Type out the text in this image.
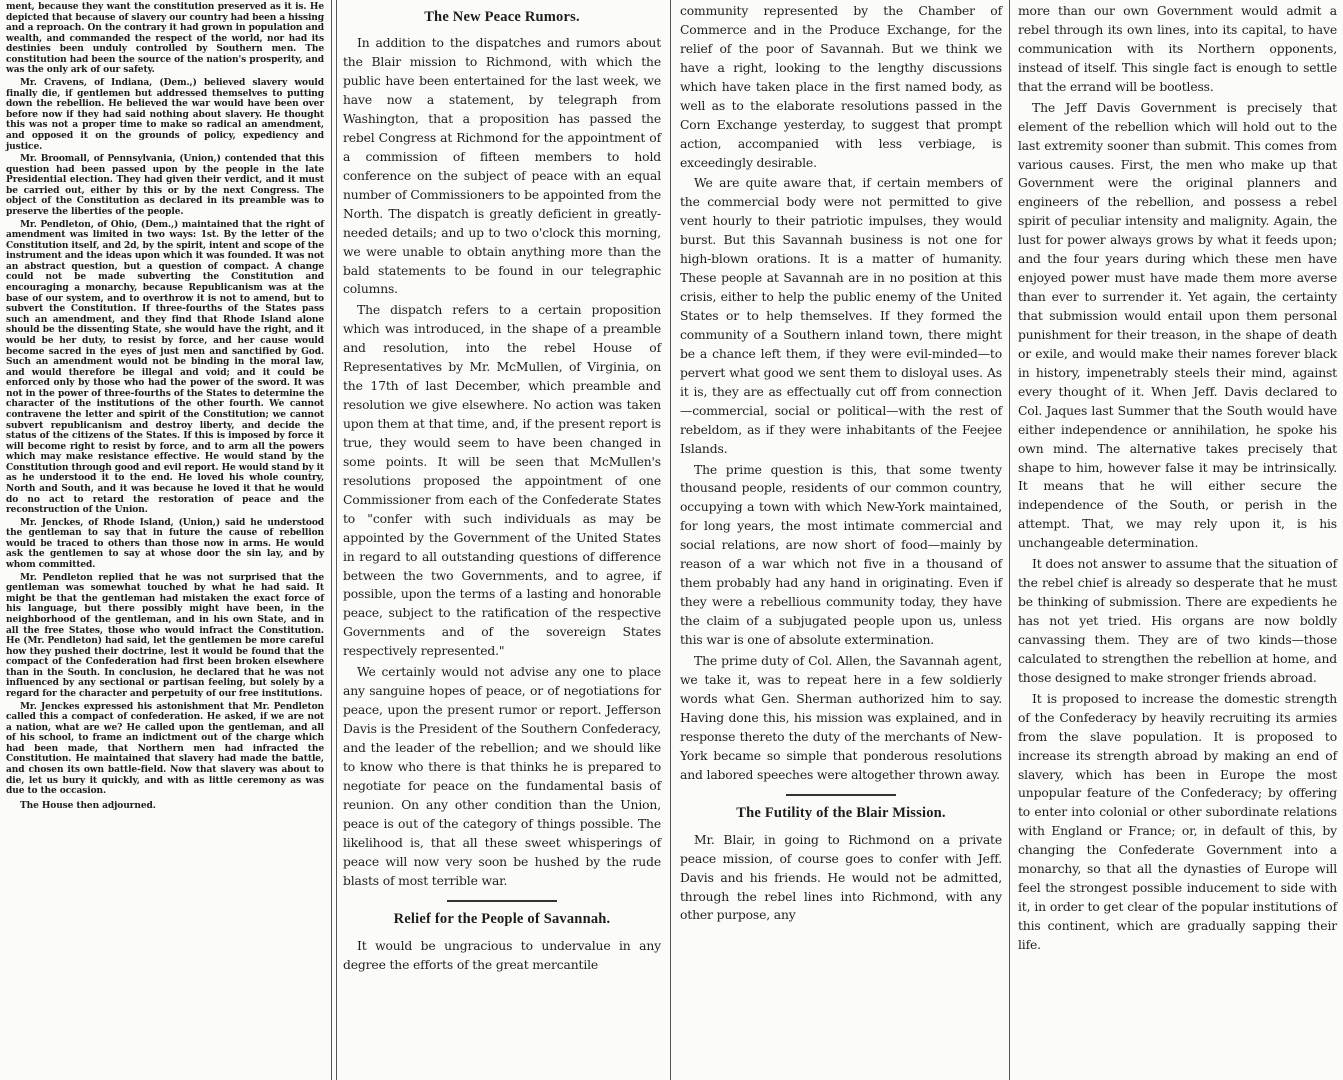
ment, because they want the constitution preserved as it is. He depicted that because of slavery our country had been a hissing and a reproach. On the contrary it had grown in population and wealth, and commanded the respect of the world, nor had its destinies been unduly controlled by Southern men. The constitution had been the source of the nation's prosperity, and was the only ark of our safety.

Mr. Cravens, of Indiana, (Dem.,) believed slavery would finally die, if gentlemen but addressed themselves to putting down the rebellion. He believed the war would have been over before now if they had said nothing about slavery. He thought this was not a proper time to make so radical an amendment, and opposed it on the grounds of policy, expediency and justice.

Mr. Broomall, of Pennsylvania, (Union,) contended that this question had been passed upon by the people in the late Presidential election. They had given their verdict, and it must be carried out, either by this or by the next Congress. The object of the Constitution as declared in its preamble was to preserve the liberties of the people.

Mr. Pendleton, of Ohio, (Dem.,) maintained that the right of amendment was limited in two ways: 1st. By the letter of the Constitution itself, and 2d, by the spirit, intent and scope of the instrument and the ideas upon which it was founded. It was not an abstract question, but a question of compact. A change could not be made subverting the Constitution and encouraging a monarchy, because Republicanism was at the base of our system, and to overthrow it is not to amend, but to subvert the Constitution. If three-fourths of the States pass such an amendment, and they find that Rhode Island alone should be the dissenting State, she would have the right, and it would be her duty, to resist by force, and her cause would become sacred in the eyes of just men and sanctified by God. Such an amendment would not be binding in the moral law, and would therefore be illegal and void; and it could be enforced only by those who had the power of the sword. It was not in the power of three-fourths of the States to determine the character of the institutions of the other fourth. We cannot contravene the letter and spirit of the Constitution; we cannot subvert republicanism and destroy liberty, and decide the status of the citizens of the States. If this is imposed by force it will become right to resist by force, and to arm all the powers which may make resistance effective. He would stand by the Constitution through good and evil report. He would stand by it as he understood it to the end. He loved his whole country, North and South, and it was because he loved it that he would do no act to retard the restoration of peace and the reconstruction of the Union.

Mr. Jenckes, of Rhode Island, (Union,) said he understood the gentleman to say that in future the cause of rebellion would be traced to others than those now in arms. He would ask the gentlemen to say at whose door the sin lay, and by whom committed.

Mr. Pendleton replied that he was not surprised that the gentleman was somewhat touched by what he had said. It might be that the gentleman had mistaken the exact force of his language, but there possibly might have been, in the neighborhood of the gentleman, and in his own State, and in all the free States, those who would infract the Constitution. He (Mr. Pendleton) had said, let the gentlemen be more careful how they pushed their doctrine, lest it would be found that the compact of the Confederation had first been broken elsewhere than in the South. In conclusion, he declared that he was not influenced by any sectional or partisan feeling, but solely by a regard for the character and perpetuity of our free institutions.

Mr. Jenckes expressed his astonishment that Mr. Pendleton called this a compact of confederation. He asked, if we are not a nation, what are we? He called upon the gentleman, and all of his school, to frame an indictment out of the charge which had been made, that Northern men had infracted the Constitution. He maintained that slavery had made the battle, and chosen its own battle-field. Now that slavery was about to die, let us bury it quickly, and with as little ceremony as was due to the occasion.

The House then adjourned.

The New Peace Rumors.

In addition to the dispatches and rumors about the Blair mission to Richmond, with which the public have been entertained for the last week, we have now a statement, by telegraph from Washington, that a proposition has passed the rebel Congress at Richmond for the appointment of a commission of fifteen members to hold conference on the subject of peace with an equal number of Commissioners to be appointed from the North. The dispatch is greatly deficient in greatly-needed details; and up to two o'clock this morning, we were unable to obtain anything more than the bald statements to be found in our telegraphic columns.

The dispatch refers to a certain proposition which was introduced, in the shape of a preamble and resolution, into the rebel House of Representatives by Mr. McMullen, of Virginia, on the 17th of last December, which preamble and resolution we give elsewhere. No action was taken upon them at that time, and, if the present report is true, they would seem to have been changed in some points. It will be seen that McMullen's resolutions proposed the appointment of one Commissioner from each of the Confederate States to "confer with such individuals as may be appointed by the Government of the United States in regard to all outstanding questions of difference between the two Governments, and to agree, if possible, upon the terms of a lasting and honorable peace, subject to the ratification of the respective Governments and of the sovereign States respectively represented."

We certainly would not advise any one to place any sanguine hopes of peace, or of negotiations for peace, upon the present rumor or report. Jefferson Davis is the President of the Southern Confederacy, and the leader of the rebellion; and we should like to know who there is that thinks he is prepared to negotiate for peace on the fundamental basis of reunion. On any other condition than the Union, peace is out of the category of things possible. The likelihood is, that all these sweet whisperings of peace will now very soon be hushed by the rude blasts of most terrible war.

Relief for the People of Savannah.

It would be ungracious to undervalue in any degree the efforts of the great mercantile

community represented by the Chamber of Commerce and in the Produce Exchange, for the relief of the poor of Savannah. But we think we have a right, looking to the lengthy discussions which have taken place in the first named body, as well as to the elaborate resolutions passed in the Corn Exchange yesterday, to suggest that prompt action, accompanied with less verbiage, is exceedingly desirable.

We are quite aware that, if certain members of the commercial body were not permitted to give vent hourly to their patriotic impulses, they would burst. But this Savannah business is not one for high-blown orations. It is a matter of humanity. These people at Savannah are in no position at this crisis, either to help the public enemy of the United States or to help themselves. If they formed the community of a Southern inland town, there might be a chance left them, if they were evil-minded—to pervert what good we sent them to disloyal uses. As it is, they are as effectually cut off from connection—commercial, social or political—with the rest of rebeldom, as if they were inhabitants of the Feejee Islands.

The prime question is this, that some twenty thousand people, residents of our common country, occupying a town with which New-York maintained, for long years, the most intimate commercial and social relations, are now short of food—mainly by reason of a war which not five in a thousand of them probably had any hand in originating. Even if they were a rebellious community today, they have the claim of a subjugated people upon us, unless this war is one of absolute extermination.

The prime duty of Col. Allen, the Savannah agent, we take it, was to repeat here in a few soldierly words what Gen. Sherman authorized him to say. Having done this, his mission was explained, and in response thereto the duty of the merchants of New-York became so simple that ponderous resolutions and labored speeches were altogether thrown away.

The Futility of the Blair Mission.

Mr. Blair, in going to Richmond on a private peace mission, of course goes to confer with Jeff. Davis and his friends. He would not be admitted, through the rebel lines into Richmond, with any other purpose, any

more than our own Government would admit a rebel through its own lines, into its capital, to have communication with its Northern opponents, instead of itself. This single fact is enough to settle that the errand will be bootless.

The Jeff Davis Government is precisely that element of the rebellion which will hold out to the last extremity sooner than submit. This comes from various causes. First, the men who make up that Government were the original planners and engineers of the rebellion, and possess a rebel spirit of peculiar intensity and malignity. Again, the lust for power always grows by what it feeds upon; and the four years during which these men have enjoyed power must have made them more averse than ever to surrender it. Yet again, the certainty that submission would entail upon them personal punishment for their treason, in the shape of death or exile, and would make their names forever black in history, impenetrably steels their mind, against every thought of it. When Jeff. Davis declared to Col. Jaques last Summer that the South would have either independence or annihilation, he spoke his own mind. The alternative takes precisely that shape to him, however false it may be intrinsically. It means that he will either secure the independence of the South, or perish in the attempt. That, we may rely upon it, is his unchangeable determination.

It does not answer to assume that the situation of the rebel chief is already so desperate that he must be thinking of submission. There are expedients he has not yet tried. His organs are now boldly canvassing them. They are of two kinds—those calculated to strengthen the rebellion at home, and those designed to make stronger friends abroad.

It is proposed to increase the domestic strength of the Confederacy by heavily recruiting its armies from the slave population. It is proposed to increase its strength abroad by making an end of slavery, which has been in Europe the most unpopular feature of the Confederacy; by offering to enter into colonial or other subordinate relations with England or France; or, in default of this, by changing the Confederate Government into a monarchy, so that all the dynasties of Europe will feel the strongest possible inducement to side with it, in order to get clear of the popular institutions of this continent, which are gradually sapping their life.
